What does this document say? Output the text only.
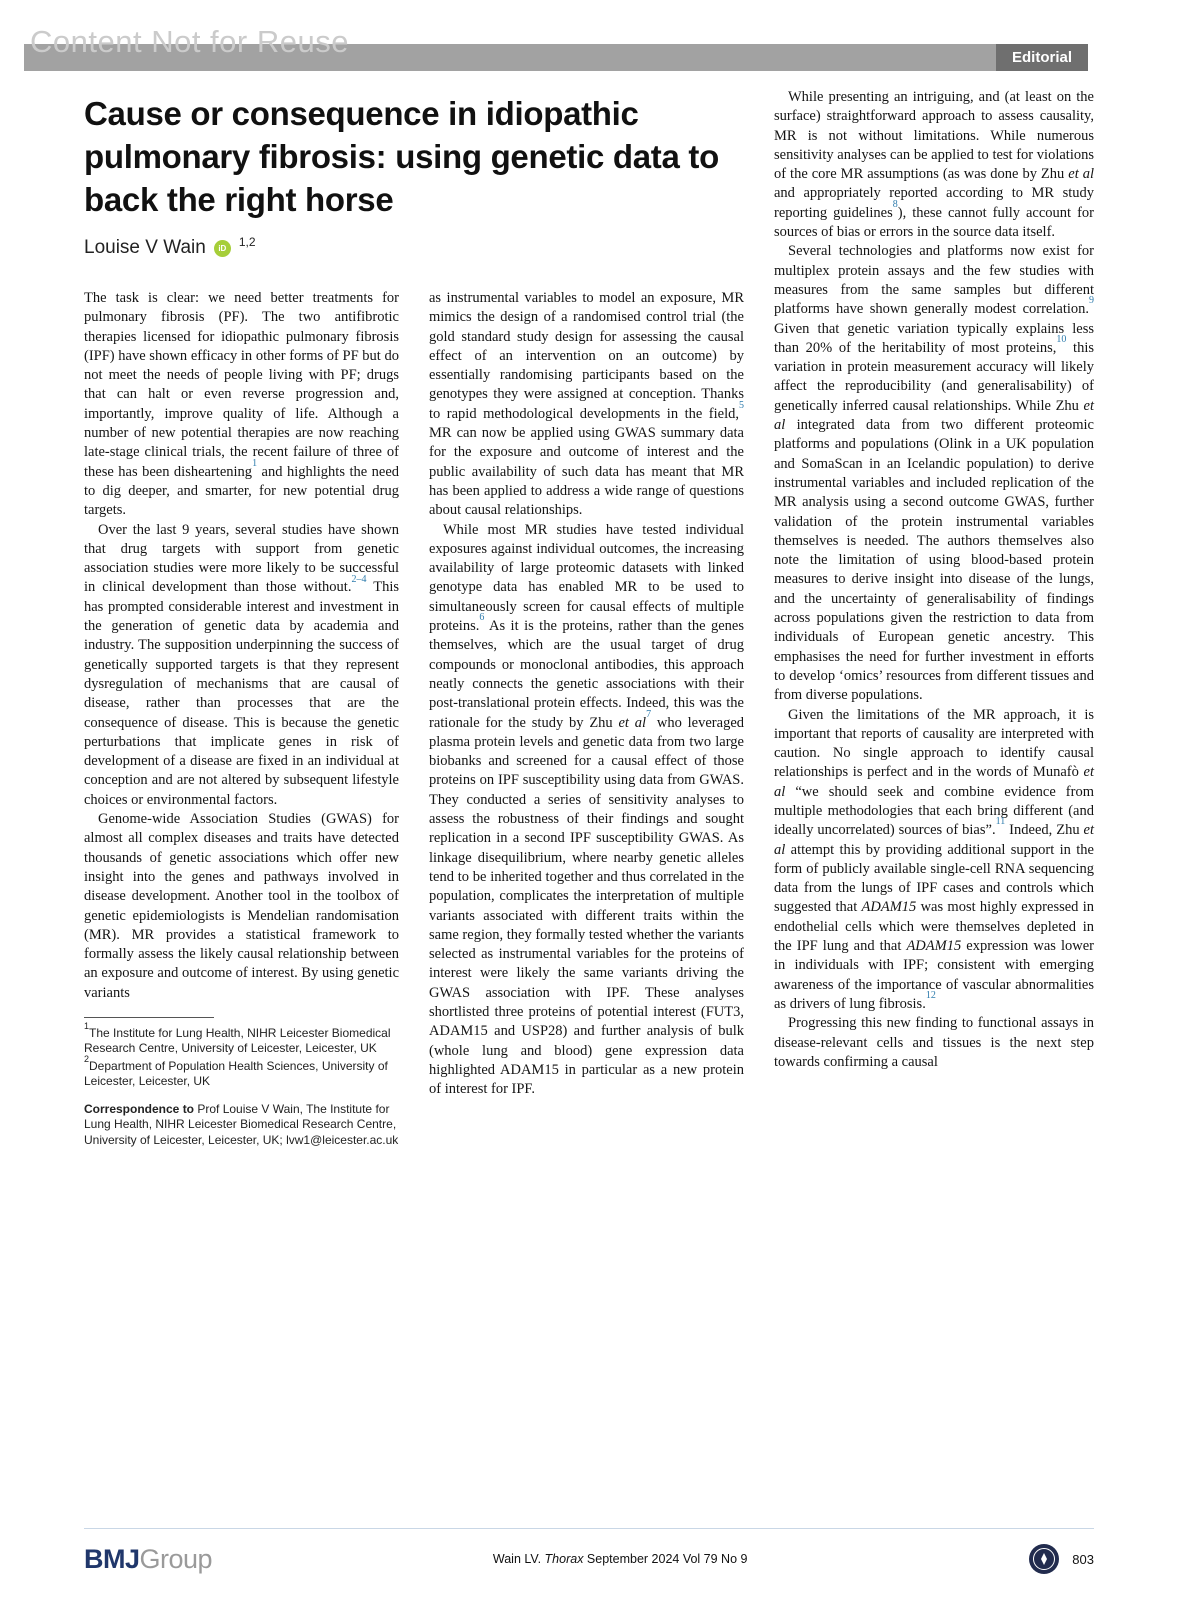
Content Not for Reuse	Editorial
Cause or consequence in idiopathic pulmonary fibrosis: using genetic data to back the right horse
Louise V Wain	iD	1,2

The task is clear: we need better treatments for pulmonary fibrosis (PF). The two antifibrotic therapies licensed for idiopathic pulmonary fibrosis (IPF) have shown efficacy in other forms of PF but do not meet the needs of people living with PF; drugs that can halt or even reverse progression and, importantly, improve quality of life. Although a number of new potential therapies are now reaching late-stage clinical trials, the recent failure of three of these has been disheartening$^1$ and highlights the need to dig deeper, and smarter, for new potential drug targets.

Over the last 9 years, several studies have shown that drug targets with support from genetic association studies were more likely to be successful in clinical development than those without.$^{2-4}$ This has prompted considerable interest and investment in the generation of genetic data by academia and industry. The supposition underpinning the success of genetically supported targets is that they represent dysregulation of mechanisms that are causal of disease, rather than processes that are the consequence of disease. This is because the genetic perturbations that implicate genes in risk of development of a disease are fixed in an individual at conception and are not altered by subsequent lifestyle choices or environmental factors.

Genome-wide Association Studies (GWAS) for almost all complex diseases and traits have detected thousands of genetic associations which offer new insight into the genes and pathways involved in disease development. Another tool in the toolbox of genetic epidemiologists is Mendelian randomisation (MR). MR provides a statistical framework to formally assess the likely causal relationship between an exposure and outcome of interest. By using genetic variants

$^1$The Institute for Lung Health, NIHR Leicester Biomedical Research Centre, University of Leicester, Leicester, UK

$^2$Department of Population Health Sciences, University of Leicester, Leicester, UK

Correspondence to Prof Louise V Wain, The Institute for Lung Health, NIHR Leicester Biomedical Research Centre, University of Leicester, Leicester, UK; lvw1@leicester.ac.uk

as instrumental variables to model an exposure, MR mimics the design of a randomised control trial (the gold standard study design for assessing the causal effect of an intervention on an outcome) by essentially randomising participants based on the genotypes they were assigned at conception. Thanks to rapid methodological developments in the field,$^5$ MR can now be applied using GWAS summary data for the exposure and outcome of interest and the public availability of such data has meant that MR has been applied to address a wide range of questions about causal relationships.

While most MR studies have tested individual exposures against individual outcomes, the increasing availability of large proteomic datasets with linked genotype data has enabled MR to be used to simultaneously screen for causal effects of multiple proteins.$^6$ As it is the proteins, rather than the genes themselves, which are the usual target of drug compounds or monoclonal antibodies, this approach neatly connects the genetic associations with their post-translational protein effects. Indeed, this was the rationale for the study by Zhu et al$^7$ who leveraged plasma protein levels and genetic data from two large biobanks and screened for a causal effect of those proteins on IPF susceptibility using data from GWAS. They conducted a series of sensitivity analyses to assess the robustness of their findings and sought replication in a second IPF susceptibility GWAS. As linkage disequilibrium, where nearby genetic alleles tend to be inherited together and thus correlated in the population, complicates the interpretation of multiple variants associated with different traits within the same region, they formally tested whether the variants selected as instrumental variables for the proteins of interest were likely the same variants driving the GWAS association with IPF. These analyses shortlisted three proteins of potential interest (FUT3, ADAM15 and USP28) and further analysis of bulk (whole lung and blood) gene expression data highlighted ADAM15 in particular as a new protein of interest for IPF.

While presenting an intriguing, and (at least on the surface) straightforward approach to assess causality, MR is not without limitations. While numerous sensitivity analyses can be applied to test for violations of the core MR assumptions (as was done by Zhu et al and appropriately reported according to MR study reporting guidelines$^8$), these cannot fully account for sources of bias or errors in the source data itself.

Several technologies and platforms now exist for multiplex protein assays and the few studies with measures from the same samples but different platforms have shown generally modest correlation.$^9$ Given that genetic variation typically explains less than 20% of the heritability of most proteins,$^{10}$ this variation in protein measurement accuracy will likely affect the reproducibility (and generalisability) of genetically inferred causal relationships. While Zhu et al integrated data from two different proteomic platforms and populations (Olink in a UK population and SomaScan in an Icelandic population) to derive instrumental variables and included replication of the MR analysis using a second outcome GWAS, further validation of the protein instrumental variables themselves is needed. The authors themselves also note the limitation of using blood-based protein measures to derive insight into disease of the lungs, and the uncertainty of generalisability of findings across populations given the restriction to data from individuals of European genetic ancestry. This emphasises the need for further investment in efforts to develop ‘omics’ resources from different tissues and from diverse populations.

Given the limitations of the MR approach, it is important that reports of causality are interpreted with caution. No single approach to identify causal relationships is perfect and in the words of Munafò et al “we should seek and combine evidence from multiple methodologies that each bring different (and ideally uncorrelated) sources of bias”.$^{11}$ Indeed, Zhu et al attempt this by providing additional support in the form of publicly available single-cell RNA sequencing data from the lungs of IPF cases and controls which suggested that ADAM15 was most highly expressed in endothelial cells which were themselves depleted in the IPF lung and that ADAM15 expression was lower in individuals with IPF; consistent with emerging awareness of the importance of vascular abnormalities as drivers of lung fibrosis.$^{12}$

Progressing this new finding to functional assays in disease-relevant cells and tissues is the next step towards confirming a causal

BMJGroup	Wain LV. Thorax September 2024 Vol 79 No 9	803
